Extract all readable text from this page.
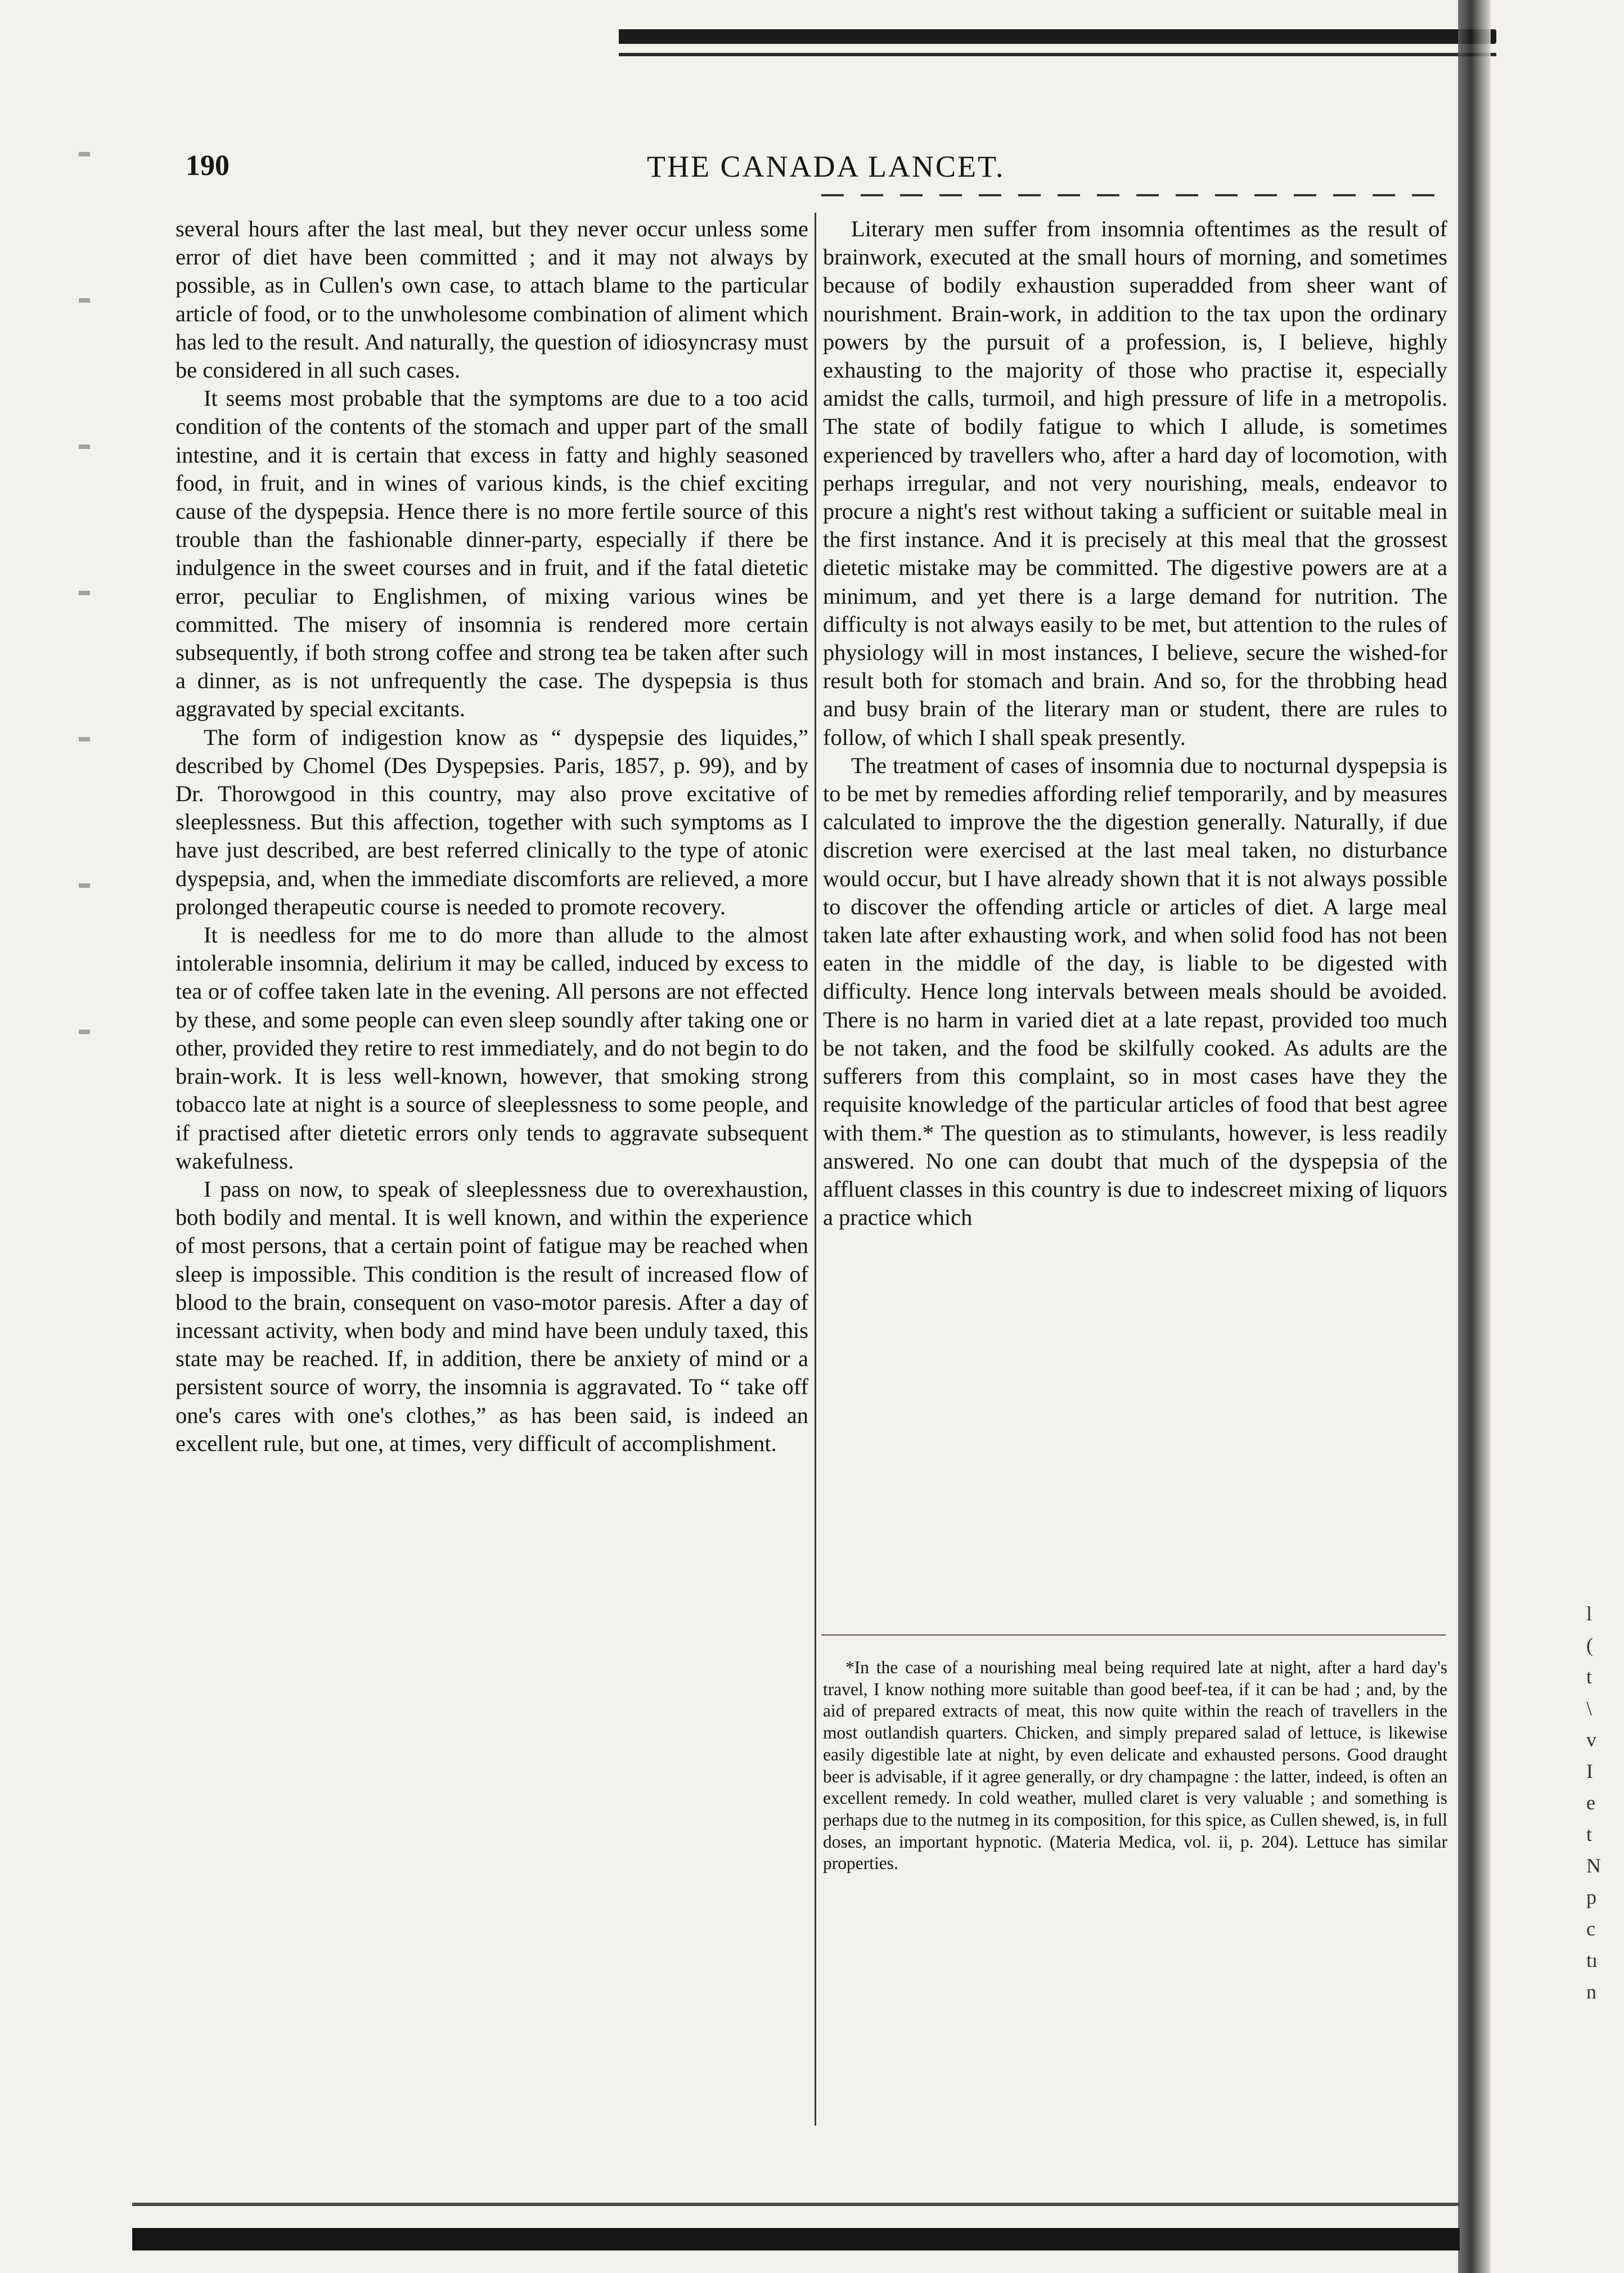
190	THE CANADA LANCET.

several hours after the last meal, but they never occur unless some error of diet have been committed ; and it may not always by possible, as in Cullen's own case, to attach blame to the particular article of food, or to the unwholesome combination of aliment which has led to the result. And naturally, the question of idiosyncrasy must be considered in all such cases.

It seems most probable that the symptoms are due to a too acid condition of the contents of the stomach and upper part of the small intestine, and it is certain that excess in fatty and highly seasoned food, in fruit, and in wines of various kinds, is the chief exciting cause of the dyspepsia. Hence there is no more fertile source of this trouble than the fashionable dinner-party, especially if there be indulgence in the sweet courses and in fruit, and if the fatal dietetic error, peculiar to Englishmen, of mixing various wines be committed. The misery of insomnia is rendered more certain subsequently, if both strong coffee and strong tea be taken after such a dinner, as is not unfrequently the case. The dyspepsia is thus aggravated by special excitants.

The form of indigestion know as “ dyspepsie des liquides,” described by Chomel (Des Dyspepsies. Paris, 1857, p. 99), and by Dr. Thorowgood in this country, may also prove excitative of sleeplessness. But this affection, together with such symptoms as I have just described, are best referred clinically to the type of atonic dyspepsia, and, when the immediate discomforts are relieved, a more prolonged therapeutic course is needed to promote recovery.

It is needless for me to do more than allude to the almost intolerable insomnia, delirium it may be called, induced by excess to tea or of coffee taken late in the evening. All persons are not effected by these, and some people can even sleep soundly after taking one or other, provided they retire to rest immediately, and do not begin to do brain-work. It is less well-known, however, that smoking strong tobacco late at night is a source of sleeplessness to some people, and if practised after dietetic errors only tends to aggravate subsequent wakefulness.

I pass on now, to speak of sleeplessness due to overexhaustion, both bodily and mental. It is well known, and within the experience of most persons, that a certain point of fatigue may be reached when sleep is impossible. This condition is the result of increased flow of blood to the brain, consequent on vaso-motor paresis. After a day of incessant activity, when body and mind have been unduly taxed, this state may be reached. If, in addition, there be anxiety of mind or a persistent source of worry, the insomnia is aggravated. To “ take off one's cares with one's clothes,” as has been said, is indeed an excellent rule, but one, at times, very difficult of accomplishment.

Literary men suffer from insomnia oftentimes as the result of brainwork, executed at the small hours of morning, and sometimes because of bodily exhaustion superadded from sheer want of nourishment. Brain-work, in addition to the tax upon the ordinary powers by the pursuit of a profession, is, I believe, highly exhausting to the majority of those who practise it, especially amidst the calls, turmoil, and high pressure of life in a metropolis. The state of bodily fatigue to which I allude, is sometimes experienced by travellers who, after a hard day of locomotion, with perhaps irregular, and not very nourishing, meals, endeavor to procure a night's rest without taking a sufficient or suitable meal in the first instance. And it is precisely at this meal that the grossest dietetic mistake may be committed. The digestive powers are at a minimum, and yet there is a large demand for nutrition. The difficulty is not always easily to be met, but attention to the rules of physiology will in most instances, I believe, secure the wished-for result both for stomach and brain. And so, for the throbbing head and busy brain of the literary man or student, there are rules to follow, of which I shall speak presently.

The treatment of cases of insomnia due to nocturnal dyspepsia is to be met by remedies affording relief temporarily, and by measures calculated to improve the the digestion generally. Naturally, if due discretion were exercised at the last meal taken, no disturbance would occur, but I have already shown that it is not always possible to discover the offending article or articles of diet. A large meal taken late after exhausting work, and when solid food has not been eaten in the middle of the day, is liable to be digested with difficulty. Hence long intervals between meals should be avoided. There is no harm in varied diet at a late repast, provided too much be not taken, and the food be skilfully cooked. As adults are the sufferers from this complaint, so in most cases have they the requisite knowledge of the particular articles of food that best agree with them.* The question as to stimulants, however, is less readily answered. No one can doubt that much of the dyspepsia of the affluent classes in this country is due to indescreet mixing of liquors a practice which

*In the case of a nourishing meal being required late at night, after a hard day's travel, I know nothing more suitable than good beef-tea, if it can be had ; and, by the aid of prepared extracts of meat, this now quite within the reach of travellers in the most outlandish quarters. Chicken, and simply prepared salad of lettuce, is likewise easily digestible late at night, by even delicate and exhausted persons. Good draught beer is advisable, if it agree generally, or dry champagne : the latter, indeed, is often an excellent remedy. In cold weather, mulled claret is very valuable ; and something is perhaps due to the nutmeg in its composition, for this spice, as Cullen shewed, is, in full doses, an important hypnotic. (Materia Medica, vol. ii, p. 204). Lettuce has similar properties.

l
(
t
\
v
I
e
t
N
p
c
tı
n
